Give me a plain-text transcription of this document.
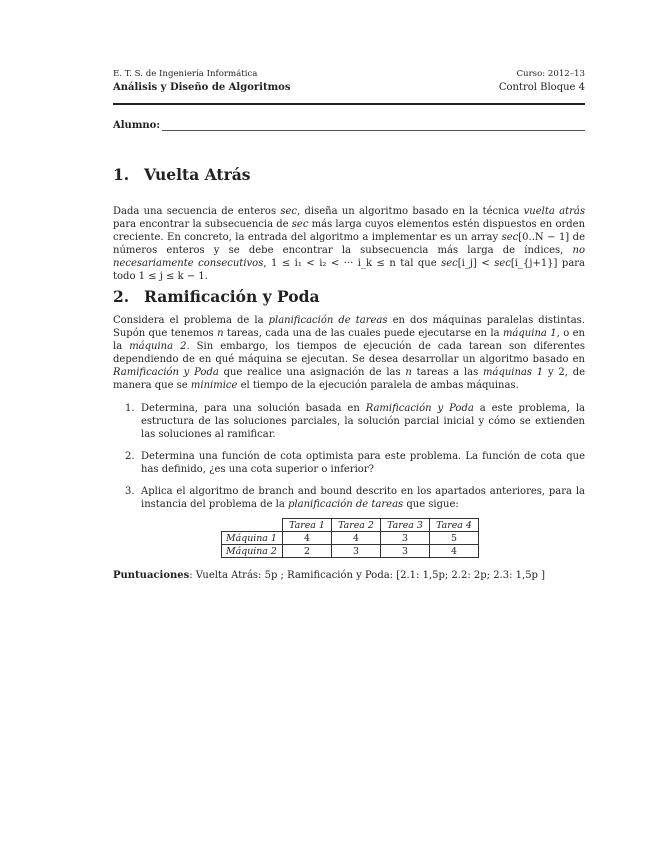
E. T. S. de Ingeniería Informática
Análisis y Diseño de Algoritmos
Curso: 2012–13
Control Bloque 4
Alumno:
1. Vuelta Atrás

Dada una secuencia de enteros sec, diseña un algoritmo basado en la técnica vuelta atrás para encontrar la subsecuencia de sec más larga cuyos elementos estén dispuestos en orden creciente. En concreto, la entrada del algoritmo a implementar es un array sec[0..N − 1] de números enteros y se debe encontrar la subsecuencia más larga de índices, no necesariamente consecutivos, 1 ≤ i₁ < i₂ < ··· i_k ≤ n tal que sec[i_j] < sec[i_{j+1}] para todo 1 ≤ j ≤ k − 1.

2. Ramificación y Poda

Considera el problema de la planificación de tareas en dos máquinas paralelas distintas. Supón que tenemos n tareas, cada una de las cuales puede ejecutarse en la máquina 1, o en la máquina 2. Sin embargo, los tiempos de ejecución de cada tarean son diferentes dependiendo de en qué máquina se ejecutan. Se desea desarrollar un algoritmo basado en Ramificación y Poda que realice una asignación de las n tareas a las máquinas 1 y 2, de manera que se minimice el tiempo de la ejecución paralela de ambas máquinas.

1. Determina, para una solución basada en Ramificación y Poda a este problema, la estructura de las soluciones parciales, la solución parcial inicial y cómo se extienden las soluciones al ramificar.
2. Determina una función de cota optimista para este problema. La función de cota que has definido, ¿es una cota superior o inferior?
3. Aplica el algoritmo de branch and bound descrito en los apartados anteriores, para la instancia del problema de la planificación de tareas que sigue:
	Tarea 1	Tarea 2	Tarea 3	Tarea 4
Máquina 1	4	4	3	5
Máquina 2	2	3	3	4
Puntuaciones: Vuelta Atrás: 5p ; Ramificación y Poda: [2.1: 1,5p; 2.2: 2p; 2.3: 1,5p ]
